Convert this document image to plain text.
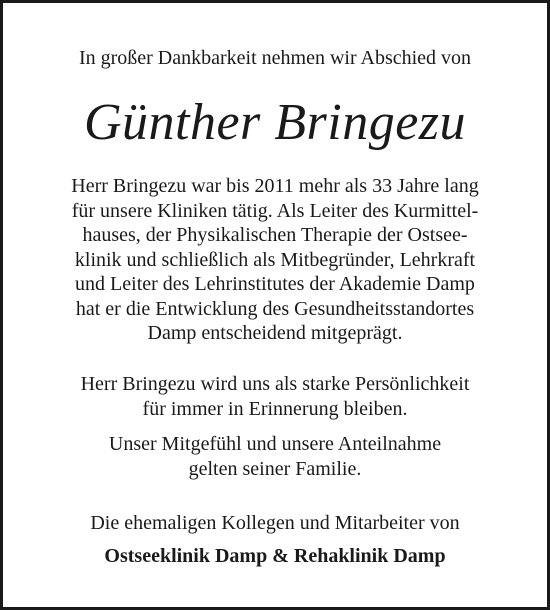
In großer Dankbarkeit nehmen wir Abschied von
Günther Bringezu
Herr Bringezu war bis 2011 mehr als 33 Jahre lang
für unsere Kliniken tätig. Als Leiter des Kurmittel-
hauses, der Physikalischen Therapie der Ostsee-
klinik und schließlich als Mitbegründer, Lehrkraft
und Leiter des Lehrinstitutes der Akademie Damp
hat er die Entwicklung des Gesundheitsstandortes
Damp entscheidend mitgeprägt.
Herr Bringezu wird uns als starke Persönlichkeit
für immer in Erinnerung bleiben.
Unser Mitgefühl und unsere Anteilnahme
gelten seiner Familie.
Die ehemaligen Kollegen und Mitarbeiter von
Ostseeklinik Damp & Rehaklinik Damp
